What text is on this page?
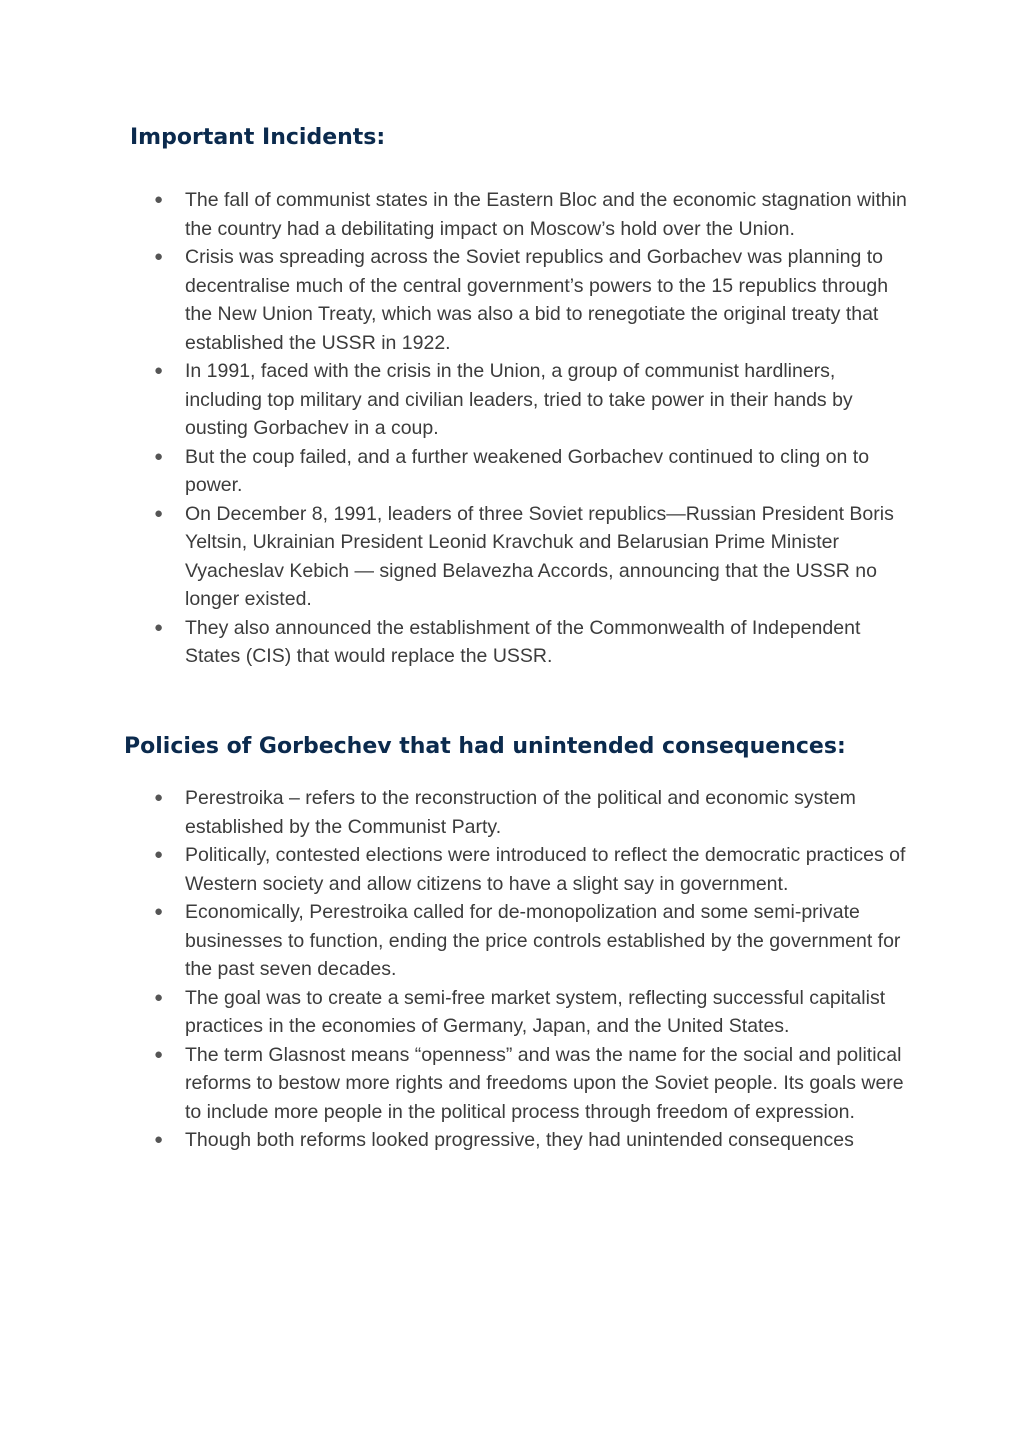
Important Incidents:
● The fall of communist states in the Eastern Bloc and the economic stagnation within the country had a debilitating impact on Moscow’s hold over the Union.
● Crisis was spreading across the Soviet republics and Gorbachev was planning to decentralise much of the central government’s powers to the 15 republics through the New Union Treaty, which was also a bid to renegotiate the original treaty that established the USSR in 1922.
● In 1991, faced with the crisis in the Union, a group of communist hardliners, including top military and civilian leaders, tried to take power in their hands by ousting Gorbachev in a coup.
● But the coup failed, and a further weakened Gorbachev continued to cling on to power.
● On December 8, 1991, leaders of three Soviet republics—Russian President Boris Yeltsin, Ukrainian President Leonid Kravchuk and Belarusian Prime Minister Vyacheslav Kebich — signed Belavezha Accords, announcing that the USSR no longer existed.
● They also announced the establishment of the Commonwealth of Independent States (CIS) that would replace the USSR.
Policies of Gorbechev that had unintended consequences:
● Perestroika – refers to the reconstruction of the political and economic system established by the Communist Party.
● Politically, contested elections were introduced to reflect the democratic practices of Western society and allow citizens to have a slight say in government.
● Economically, Perestroika called for de-monopolization and some semi-private businesses to function, ending the price controls established by the government for the past seven decades.
● The goal was to create a semi-free market system, reflecting successful capitalist practices in the economies of Germany, Japan, and the United States.
● The term Glasnost means “openness” and was the name for the social and political reforms to bestow more rights and freedoms upon the Soviet people. Its goals were to include more people in the political process through freedom of expression.
● Though both reforms looked progressive, they had unintended consequences
